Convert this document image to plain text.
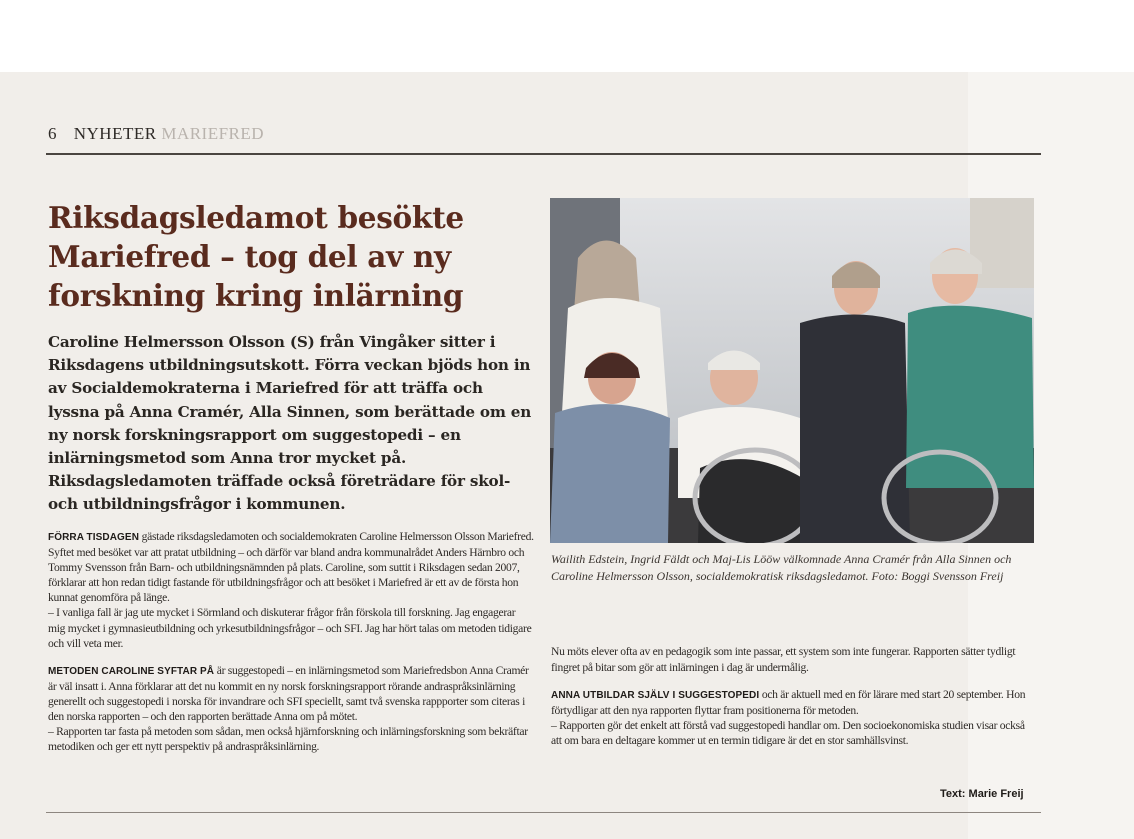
6 NYHETER MARIEFRED
Riksdagsledamot besökte Mariefred – tog del av ny forskning kring inlärning

Caroline Helmersson Olsson (S) från Vingåker sitter i Riksdagens utbildningsutskott. Förra veckan bjöds hon in av Socialdemokraterna i Mariefred för att träffa och lyssna på Anna Cramér, Alla Sinnen, som berättade om en ny norsk forskningsrapport om suggestopedi – en inlärningsmetod som Anna tror mycket på. Riksdagsledamoten träffade också företrädare för skol- och utbildningsfrågor i kommunen.

FÖRRA TISDAGEN gästade riksdagsledamoten och socialdemokraten Caroline Helmersson Olsson Mariefred. Syftet med besöket var att pratat utbildning – och därför var bland andra kommunalrådet Anders Härnbro och Tommy Svensson från Barn- och utbildningsnämnden på plats. Caroline, som suttit i Riksdagen sedan 2007, förklarar att hon redan tidigt fastande för utbildningsfrågor och att besöket i Mariefred är ett av de första hon kunnat genomföra på länge.
– I vanliga fall är jag ute mycket i Sörmland och diskuterar frågor från förskola till forskning. Jag engagerar mig mycket i gymnasieutbildning och yrkesutbildningsfrågor – och SFI. Jag har hört talas om metoden tidigare och vill veta mer.

METODEN CAROLINE SYFTAR PÅ är suggestopedi – en inlärningsmetod som Mariefredsbon Anna Cramér är väl insatt i. Anna förklarar att det nu kommit en ny norsk forskningsrapport rörande andraspråksinlärning generellt och suggestopedi i norska för invandrare och SFI speciellt, samt två svenska rappporter som citeras i den norska rapporten – och den rapporten berättade Anna om på mötet.
– Rapporten tar fasta på metoden som sådan, men också hjärnforskning och inlärningsforskning som bekräftar metodiken och ger ett nytt perspektiv på andraspråksinlärning.

Wailith Edstein, Ingrid Fäldt och Maj-Lis Lööw välkomnade Anna Cramér från Alla Sinnen och Caroline Helmersson Olsson, socialdemokratisk riksdagsledamot. Foto: Boggi Svensson Freij

Nu möts elever ofta av en pedagogik som inte passar, ett system som inte fungerar. Rapporten sätter tydligt fingret på bitar som gör att inlärningen i dag är undermålig.

ANNA UTBILDAR SJÄLV I SUGGESTOPEDI och är aktuell med en för lärare med start 20 september. Hon förtydligar att den nya rapporten flyttar fram positionerna för metoden.
– Rapporten gör det enkelt att förstå vad suggestopedi handlar om. Den socioekonomiska studien visar också att om bara en deltagare kommer ut en termin tidigare är det en stor samhällsvinst.

Text: Marie Freij
